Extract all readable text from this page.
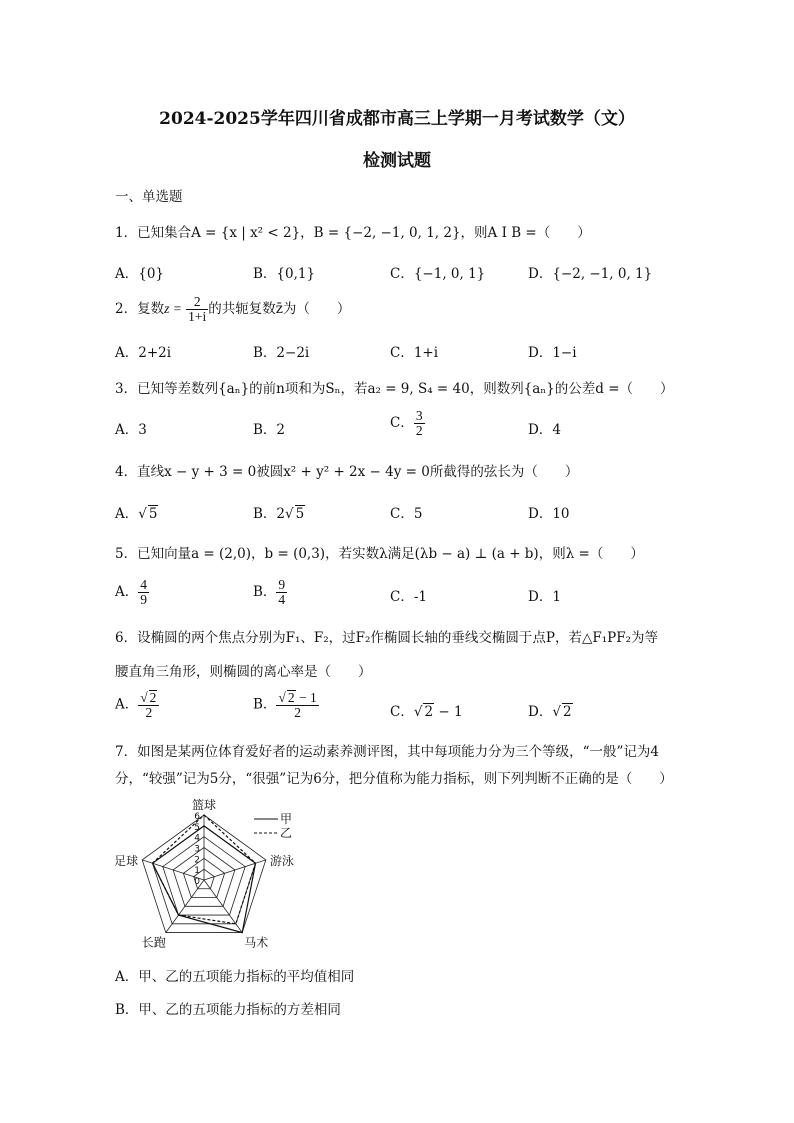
2024-2025学年四川省成都市高三上学期一月考试数学（文）
检测试题
一、单选题
1．已知集合A = {x | x² < 2}，B = {−2, −1, 0, 1, 2}，则A I B =（　　）
A．{0}	B．{0,1}	C．{−1, 0, 1}	D．{−2, −1, 0, 1}
2．复数$z = \frac{2}{1+i}$ 的共轭复数z̄为（　　）
A．2+2i	B．2−2i	C．1+i	D．1−i
3．已知等差数列{aₙ}的前n项和为Sₙ，若a₂ = 9, S₄ = 40，则数列{aₙ}的公差d =（　　）
A．3	B．2	C． $\frac{3}{2}$	D．4
4．直线x − y + 3 = 0被圆x² + y² + 2x − 4y = 0所截得的弦长为（　　）
A．√ 5	B．2√ 5	C．5	D．10
5．已知向量a = (2,0)，b = (0,3)，若实数λ满足(λb − a) ⊥ (a + b)，则λ =（　　）
A． $\frac{4}{9}$	B． $\frac{9}{4}$	C．-1	D．1
6．设椭圆的两个焦点分别为F₁、F₂，过F₂作椭圆长轴的垂线交椭圆于点P，若△F₁PF₂为等
腰直角三角形，则椭圆的离心率是（　　）
A． $\frac{√ 2}{2}$	B． $\frac{√ 2 - 1}{2}$	C．√ 2 − 1	D．√ 2
7．如图是某两位体育爱好者的运动素养测评图，其中每项能力分为三个等级，“一般”记为4
分，“较强”记为5分，“很强”记为6分，把分值称为能力指标，则下列判断不正确的是（　　）
0
1
2
3
4
5
6
篮球
游泳
马术
长跑
足球
甲
乙
A．甲、乙的五项能力指标的平均值相同
B．甲、乙的五项能力指标的方差相同
